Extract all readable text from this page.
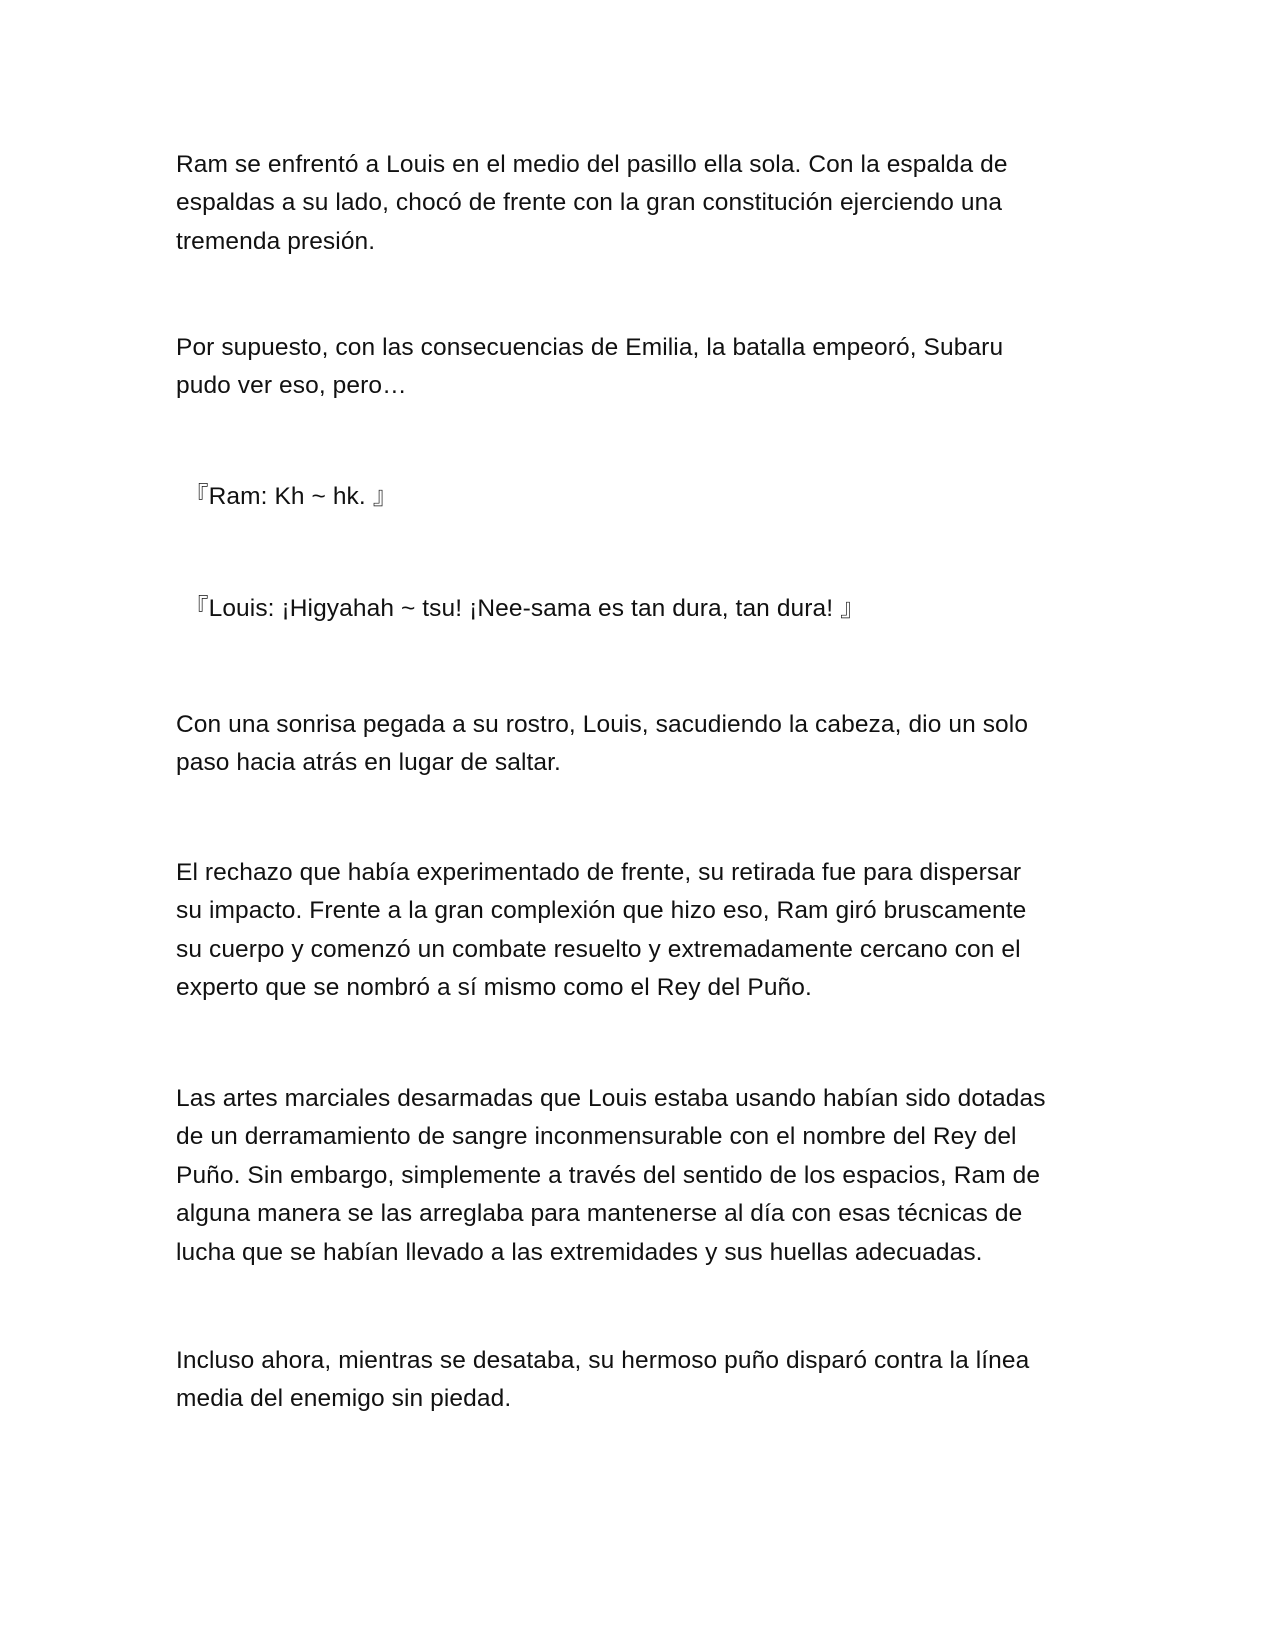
Ram se enfrentó a Louis en el medio del pasillo ella sola. Con la espalda de
espaldas a su lado, chocó de frente con la gran constitución ejerciendo una
tremenda presión.

Por supuesto, con las consecuencias de Emilia, la batalla empeoró, Subaru
pudo ver eso, pero…

『Ram: Kh ~ hk. 』

『Louis: ¡Higyahah ~ tsu! ¡Nee-sama es tan dura, tan dura! 』

Con una sonrisa pegada a su rostro, Louis, sacudiendo la cabeza, dio un solo
paso hacia atrás en lugar de saltar.

El rechazo que había experimentado de frente, su retirada fue para dispersar
su impacto. Frente a la gran complexión que hizo eso, Ram giró bruscamente
su cuerpo y comenzó un combate resuelto y extremadamente cercano con el
experto que se nombró a sí mismo como el Rey del Puño.

Las artes marciales desarmadas que Louis estaba usando habían sido dotadas
de un derramamiento de sangre inconmensurable con el nombre del Rey del
Puño. Sin embargo, simplemente a través del sentido de los espacios, Ram de
alguna manera se las arreglaba para mantenerse al día con esas técnicas de
lucha que se habían llevado a las extremidades y sus huellas adecuadas.

Incluso ahora, mientras se desataba, su hermoso puño disparó contra la línea
media del enemigo sin piedad.
